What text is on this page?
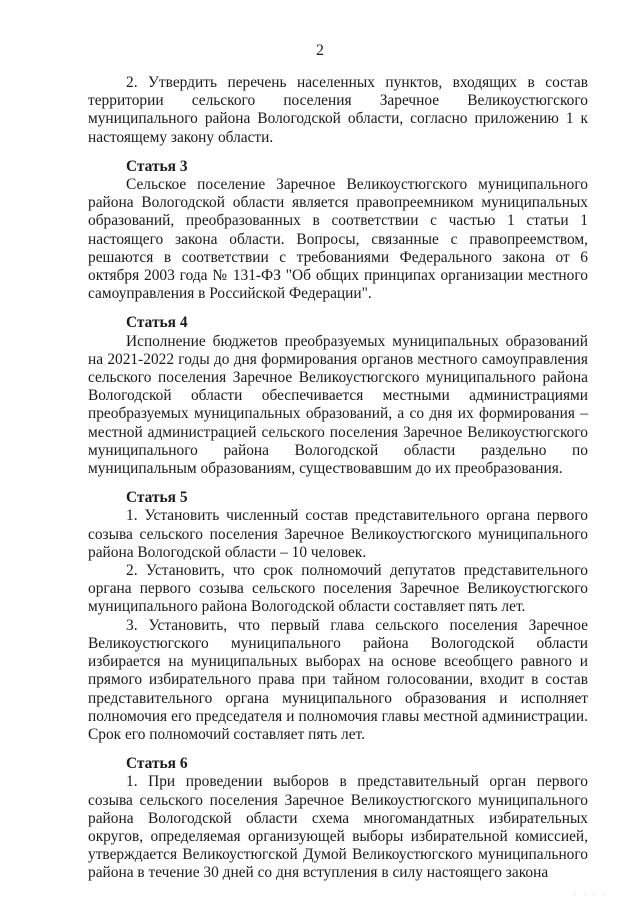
2

2. Утвердить перечень населенных пунктов, входящих в состав территории сельского поселения Заречное Великоустюгского муниципального района Вологодской области, согласно приложению 1 к настоящему закону области.

Статья 3

Сельское поселение Заречное Великоустюгского муниципального района Вологодской области является правопреемником муниципальных образований, преобразованных в соответствии с частью 1 статьи 1 настоящего закона области. Вопросы, связанные с правопреемством, решаются в соответствии с требованиями Федерального закона от 6 октября 2003 года № 131-ФЗ "Об общих принципах организации местного самоуправления в Российской Федерации".

Статья 4

Исполнение бюджетов преобразуемых муниципальных образований на 2021-2022 годы до дня формирования органов местного самоуправления сельского поселения Заречное Великоустюгского муниципального района Вологодской области обеспечивается местными администрациями преобразуемых муниципальных образований, а со дня их формирования – местной администрацией сельского поселения Заречное Великоустюгского муниципального района Вологодской области раздельно по муниципальным образованиям, существовавшим до их преобразования.

Статья 5

1. Установить численный состав представительного органа первого созыва сельского поселения Заречное Великоустюгского муниципального района Вологодской области – 10 человек.

2. Установить, что срок полномочий депутатов представительного органа первого созыва сельского поселения Заречное Великоустюгского муниципального района Вологодской области составляет пять лет.

3. Установить, что первый глава сельского поселения Заречное Великоустюгского муниципального района Вологодской области избирается на муниципальных выборах на основе всеобщего равного и прямого избирательного права при тайном голосовании, входит в состав представительного органа муниципального образования и исполняет полномочия его председателя и полномочия главы местной администрации. Срок его полномочий составляет пять лет.

Статья 6

1. При проведении выборов в представительный орган первого созыва сельского поселения Заречное Великоустюгского муниципального района Вологодской области схема многомандатных избирательных округов, определяемая организующей выборы избирательной комиссией, утверждается Великоустюгской Думой Великоустюгского муниципального района в течение 30 дней со дня вступления в силу настоящего закона

· · · ·
